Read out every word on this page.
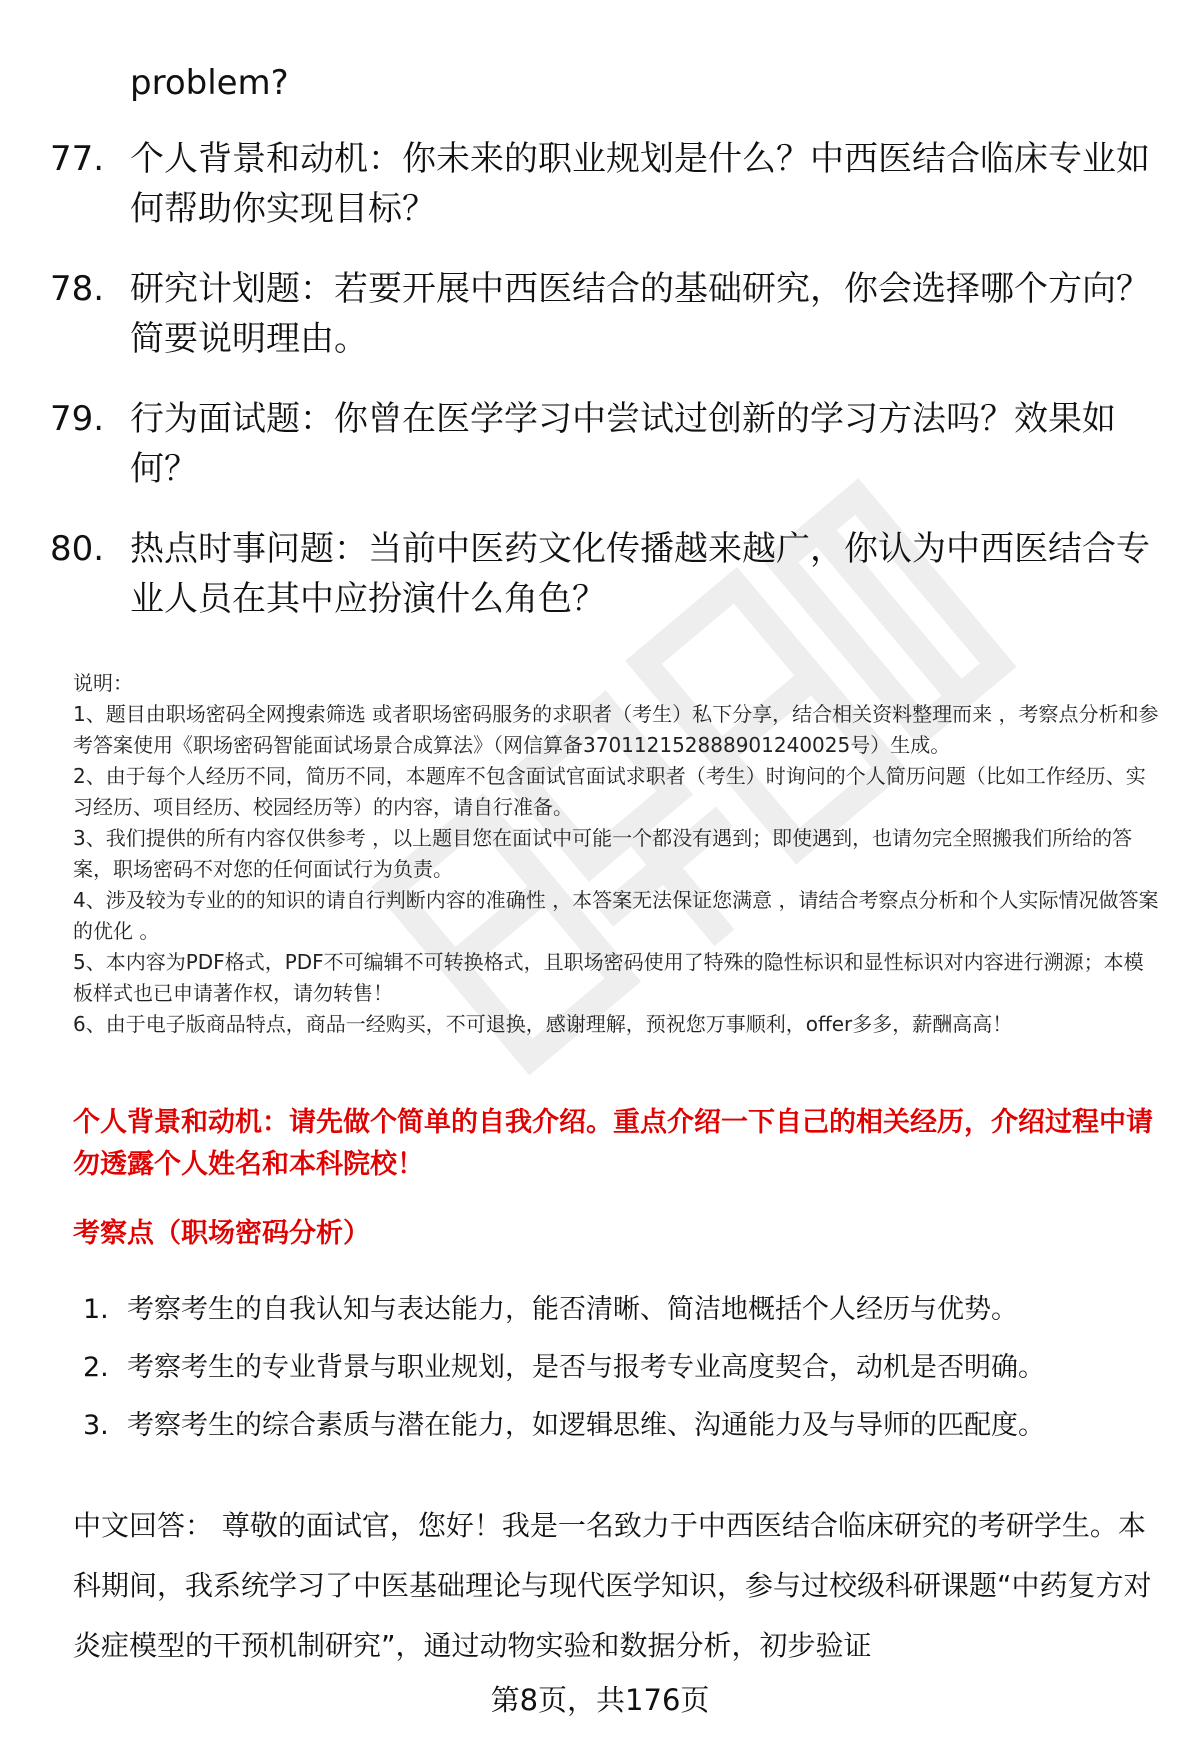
problem?
77. 个人背景和动机：你未来的职业规划是什么？中西医结合临床专业如何帮助你实现目标？
78. 研究计划题：若要开展中西医结合的基础研究，你会选择哪个方向？简要说明理由。
79. 行为面试题：你曾在医学学习中尝试过创新的学习方法吗？效果如何？
80. 热点时事问题：当前中医药文化传播越来越广，你认为中西医结合专业人员在其中应扮演什么角色？

说明：

1、题目由职场密码全网搜索筛选 或者职场密码服务的求职者（考生）私下分享，结合相关资料整理而来 ，考察点分析和参考答案使用《职场密码智能面试场景合成算法》（网信算备370112152888901240025号）生成。

2、由于每个人经历不同，简历不同，本题库不包含面试官面试求职者（考生）时询问的个人简历问题（比如工作经历、实习经历、项目经历、校园经历等）的内容，请自行准备。

3、我们提供的所有内容仅供参考 ，以上题目您在面试中可能一个都没有遇到；即使遇到，也请勿完全照搬我们所给的答案，职场密码不对您的任何面试行为负责。

4、涉及较为专业的的知识的请自行判断内容的准确性 ，本答案无法保证您满意 ，请结合考察点分析和个人实际情况做答案的优化 。

5、本内容为PDF格式，PDF不可编辑不可转换格式，且职场密码使用了特殊的隐性标识和显性标识对内容进行溯源；本模板样式也已申请著作权，请勿转售！

6、由于电子版商品特点，商品一经购买，不可退换，感谢理解，预祝您万事顺利，offer多多，薪酬高高！

个人背景和动机：请先做个简单的自我介绍。重点介绍一下自己的相关经历，介绍过程中请勿透露个人姓名和本科院校！
考察点（职场密码分析）
1. 考察考生的自我认知与表达能力，能否清晰、简洁地概括个人经历与优势。
2. 考察考生的专业背景与职业规划，是否与报考专业高度契合，动机是否明确。
3. 考察考生的综合素质与潜在能力，如逻辑思维、沟通能力及与导师的匹配度。
中文回答： 尊敬的面试官，您好！我是一名致力于中西医结合临床研究的考研学生。本科期间，我系统学习了中医基础理论与现代医学知识，参与过校级科研课题“中药复方对炎症模型的干预机制研究”，通过动物实验和数据分析，初步验证
第8页，共176页
